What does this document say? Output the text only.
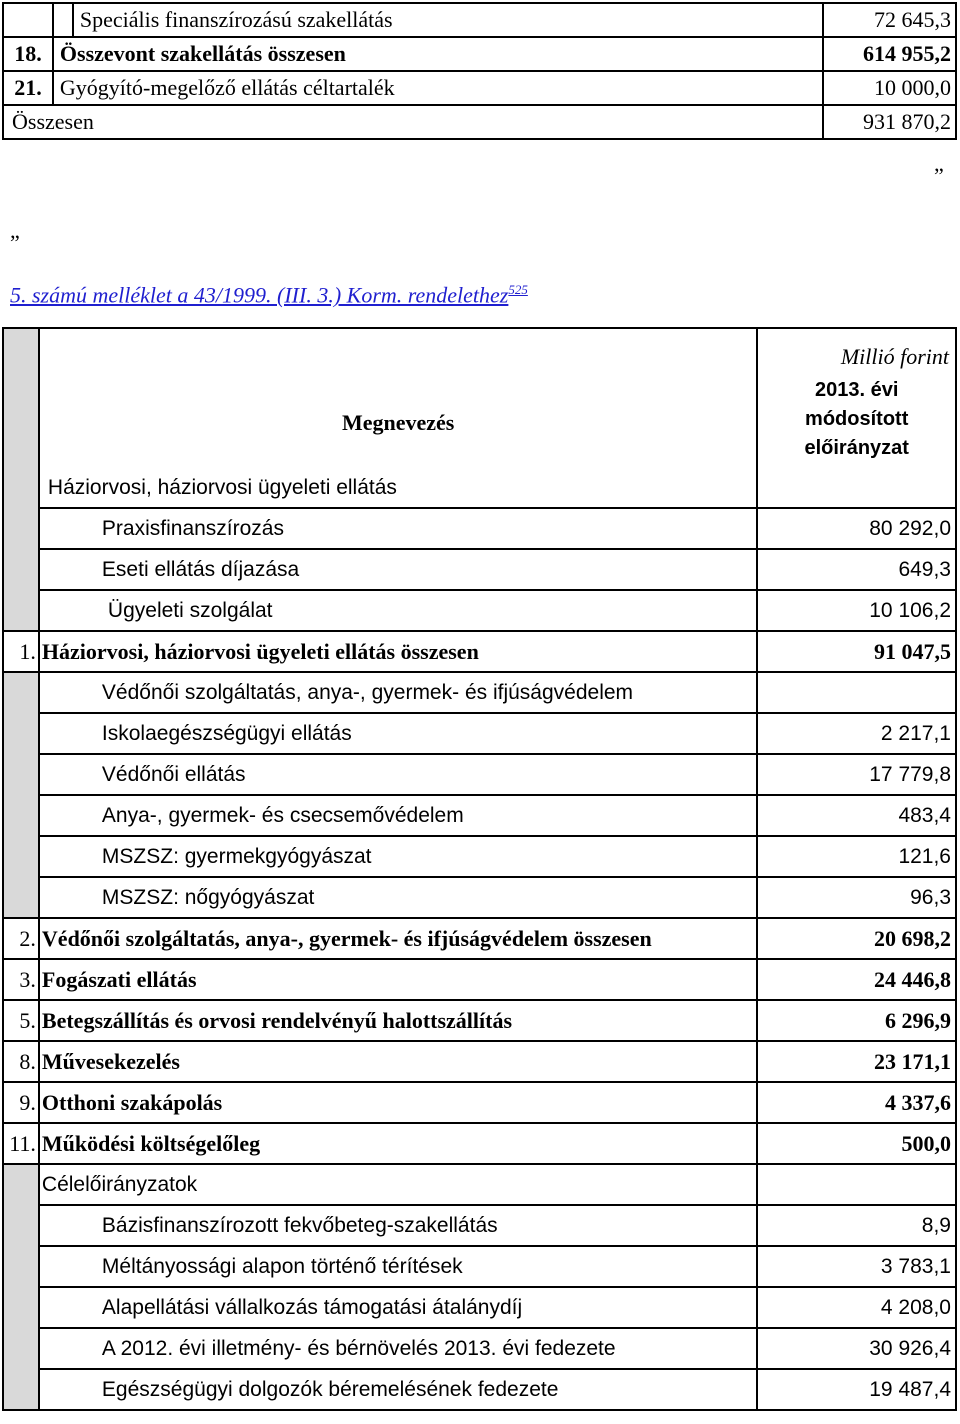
		Speciális finanszírozású szakellátás	72 645,3
18.	Összevont szakellátás összesen		614 955,2
21.	Gyógyító-megelőző ellátás céltartalék		10 000,0
Összesen			931 870,2
”
„
5. számú melléklet a 43/1999. (III. 3.) Korm. rendelethez$^{525}$
		Millió forint
	Megnevezés	2013. évi módosított előirányzat
	Háziorvosi, háziorvosi ügyeleti ellátás	
	Praxisfinanszírozás	80 292,0
	Eseti ellátás díjazása	649,3
	Ügyeleti szolgálat	10 106,2
1.	Háziorvosi, háziorvosi ügyeleti ellátás összesen	91 047,5
	Védőnői szolgáltatás, anya-, gyermek- és ifjúságvédelem	
	Iskolaegészségügyi ellátás	2 217,1
	Védőnői ellátás	17 779,8
	Anya-, gyermek- és csecsemővédelem	483,4
	MSZSZ: gyermekgyógyászat	121,6
	MSZSZ: nőgyógyászat	96,3
2.	Védőnői szolgáltatás, anya-, gyermek- és ifjúságvédelem összesen	20 698,2
3.	Fogászati ellátás	24 446,8
5.	Betegszállítás és orvosi rendelvényű halottszállítás	6 296,9
8.	Művesekezelés	23 171,1
9.	Otthoni szakápolás	4 337,6
11.	Működési költségelőleg	500,0
	Célelőirányzatok	
	Bázisfinanszírozott fekvőbeteg-szakellátás	8,9
	Méltányossági alapon történő térítések	3 783,1
	Alapellátási vállalkozás támogatási átalánydíj	4 208,0
	A 2012. évi illetmény- és bérnövelés 2013. évi fedezete	30 926,4
	Egészségügyi dolgozók béremelésének fedezete	19 487,4
